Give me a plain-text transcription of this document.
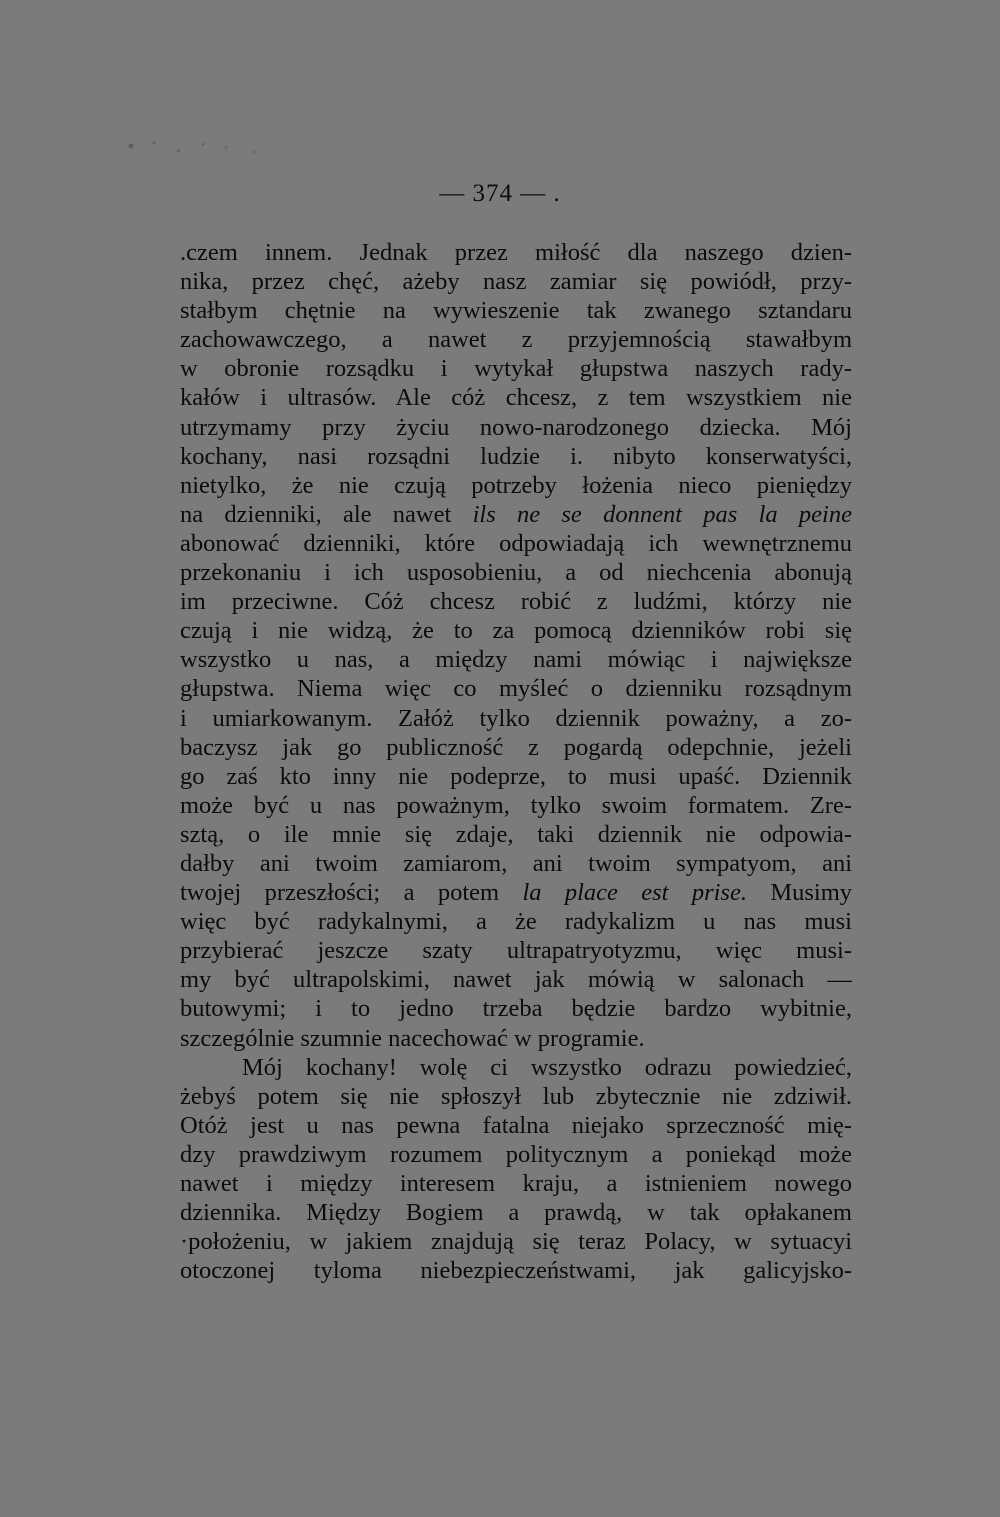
— 374 — .
.czem innem. Jednak przez miłość dla naszego dzien-
nika, przez chęć, ażeby nasz zamiar się powiódł, przy-
stałbym chętnie na wywieszenie tak zwanego sztandaru
zachowawczego, a nawet z przyjemnością stawałbym
w obronie rozsądku i wytykał głupstwa naszych rady-
kałów i ultrasów. Ale cóż chcesz, z tem wszystkiem nie
utrzymamy przy życiu nowo-narodzonego dziecka. Mój
kochany, nasi rozsądni ludzie i. nibyto konserwatyści,
nietylko, że nie czują potrzeby łożenia nieco pieniędzy
na dzienniki, ale nawet ils ne se donnent pas la peine
abonować dzienniki, które odpowiadają ich wewnętrznemu
przekonaniu i ich usposobieniu, a od niechcenia abonują
im przeciwne. Cóż chcesz robić z ludźmi, którzy nie
czują i nie widzą, że to za pomocą dzienników robi się
wszystko u nas, a między nami mówiąc i największe
głupstwa. Niema więc co myśleć o dzienniku rozsądnym
i umiarkowanym. Załóż tylko dziennik poważny, a zo-
baczysz jak go publiczność z pogardą odepchnie, jeżeli
go zaś kto inny nie podeprze, to musi upaść. Dziennik
może być u nas poważnym, tylko swoim formatem. Zre-
sztą, o ile mnie się zdaje, taki dziennik nie odpowia-
dałby ani twoim zamiarom, ani twoim sympatyom, ani
twojej przeszłości; a potem la place est prise. Musimy
więc być radykalnymi, a że radykalizm u nas musi
przybierać jeszcze szaty ultrapatryotyzmu, więc musi-
my być ultrapolskimi, nawet jak mówią w salonach —
butowymi; i to jedno trzeba będzie bardzo wybitnie,
szczególnie szumnie nacechować w programie.
Mój kochany! wolę ci wszystko odrazu powiedzieć,
żebyś potem się nie spłoszył lub zbytecznie nie zdziwił.
Otóż jest u nas pewna fatalna niejako sprzeczność mię-
dzy prawdziwym rozumem politycznym a poniekąd może
nawet i między interesem kraju, a istnieniem nowego
dziennika. Między Bogiem a prawdą, w tak opłakanem
·położeniu, w jakiem znajdują się teraz Polacy, w sytuacyi
otoczonej tyloma niebezpieczeństwami, jak galicyjsko-
